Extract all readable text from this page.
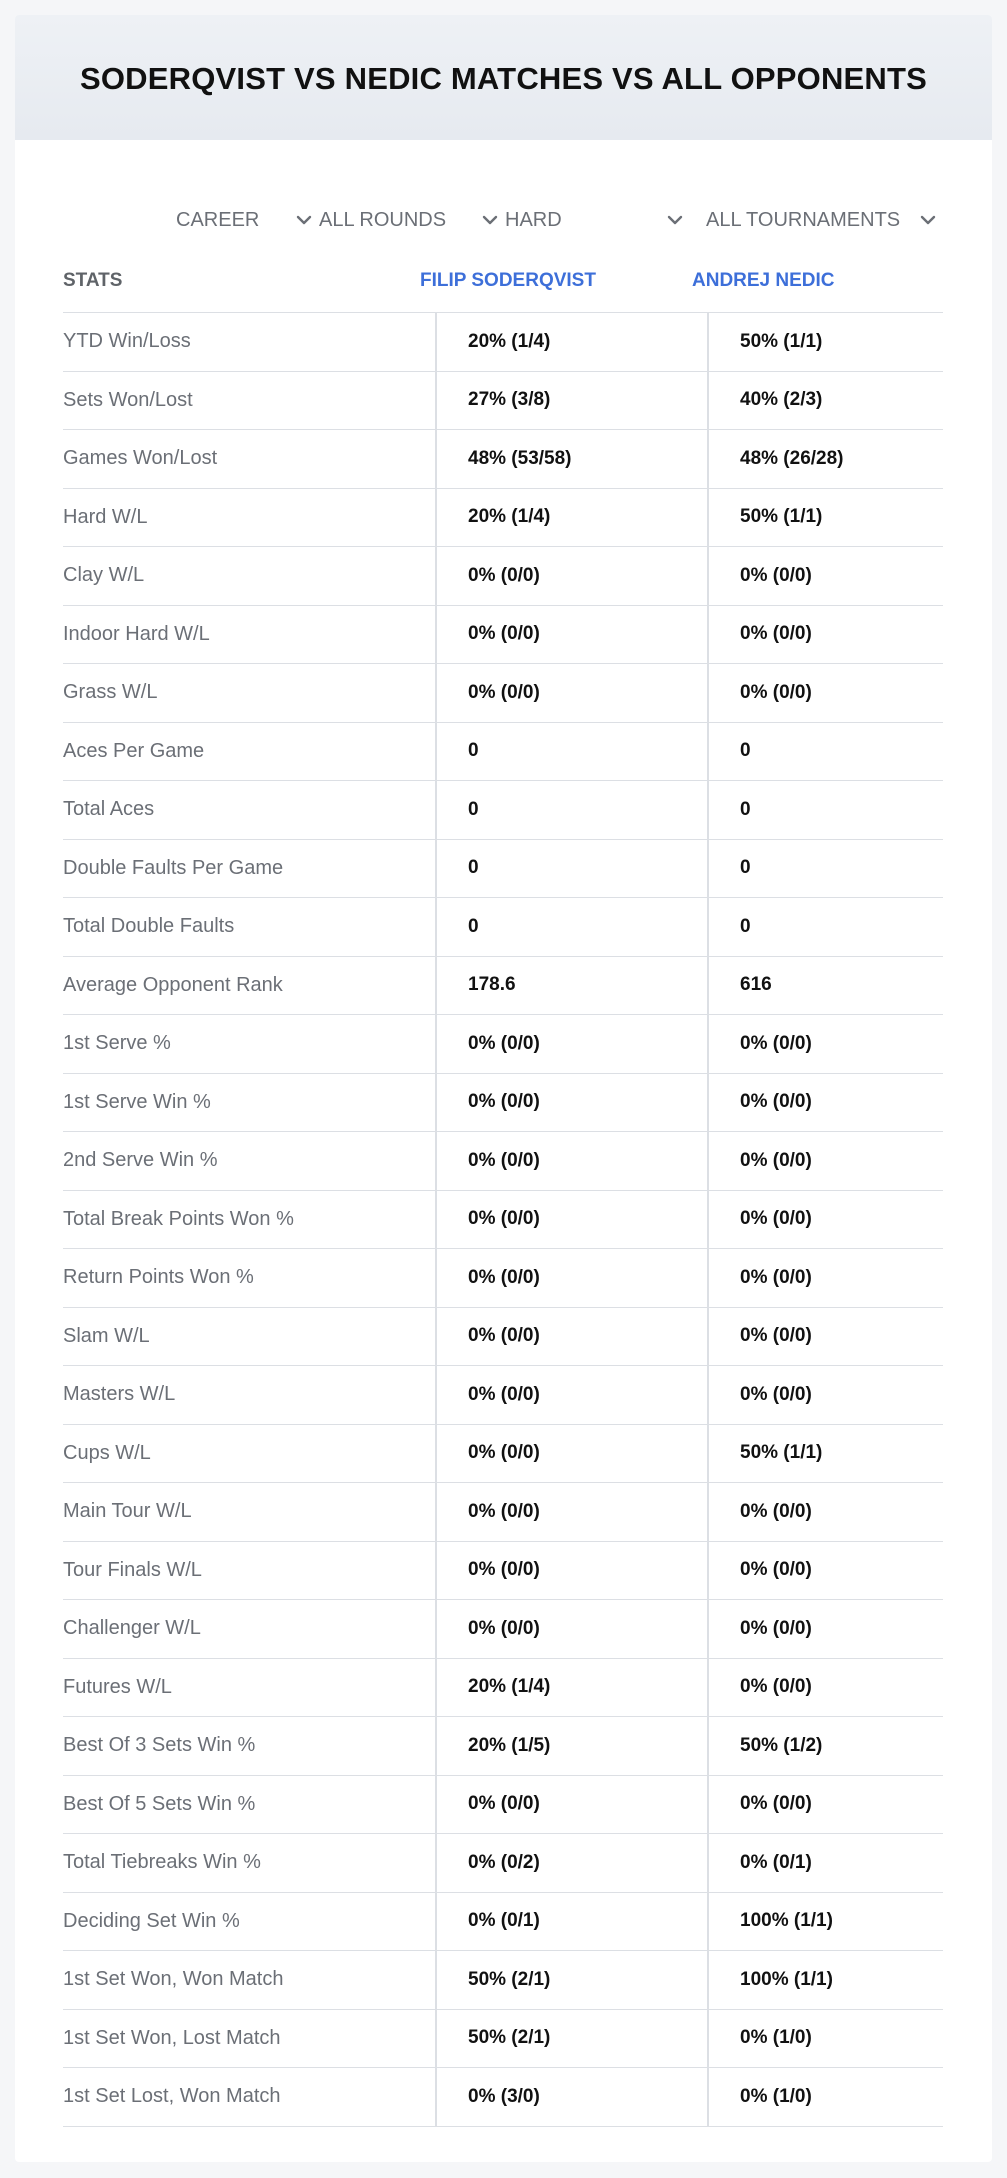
SODERQVIST VS NEDIC MATCHES VS ALL OPPONENTS
CAREER	ALL ROUNDS	HARD	ALL TOURNAMENTS
STATS	FILIP SODERQVIST	ANDREJ NEDIC
YTD Win/Loss	20% (1/4)	50% (1/1)
Sets Won/Lost	27% (3/8)	40% (2/3)
Games Won/Lost	48% (53/58)	48% (26/28)
Hard W/L	20% (1/4)	50% (1/1)
Clay W/L	0% (0/0)	0% (0/0)
Indoor Hard W/L	0% (0/0)	0% (0/0)
Grass W/L	0% (0/0)	0% (0/0)
Aces Per Game	0	0
Total Aces	0	0
Double Faults Per Game	0	0
Total Double Faults	0	0
Average Opponent Rank	178.6	616
1st Serve %	0% (0/0)	0% (0/0)
1st Serve Win %	0% (0/0)	0% (0/0)
2nd Serve Win %	0% (0/0)	0% (0/0)
Total Break Points Won %	0% (0/0)	0% (0/0)
Return Points Won %	0% (0/0)	0% (0/0)
Slam W/L	0% (0/0)	0% (0/0)
Masters W/L	0% (0/0)	0% (0/0)
Cups W/L	0% (0/0)	50% (1/1)
Main Tour W/L	0% (0/0)	0% (0/0)
Tour Finals W/L	0% (0/0)	0% (0/0)
Challenger W/L	0% (0/0)	0% (0/0)
Futures W/L	20% (1/4)	0% (0/0)
Best Of 3 Sets Win %	20% (1/5)	50% (1/2)
Best Of 5 Sets Win %	0% (0/0)	0% (0/0)
Total Tiebreaks Win %	0% (0/2)	0% (0/1)
Deciding Set Win %	0% (0/1)	100% (1/1)
1st Set Won, Won Match	50% (2/1)	100% (1/1)
1st Set Won, Lost Match	50% (2/1)	0% (1/0)
1st Set Lost, Won Match	0% (3/0)	0% (1/0)
